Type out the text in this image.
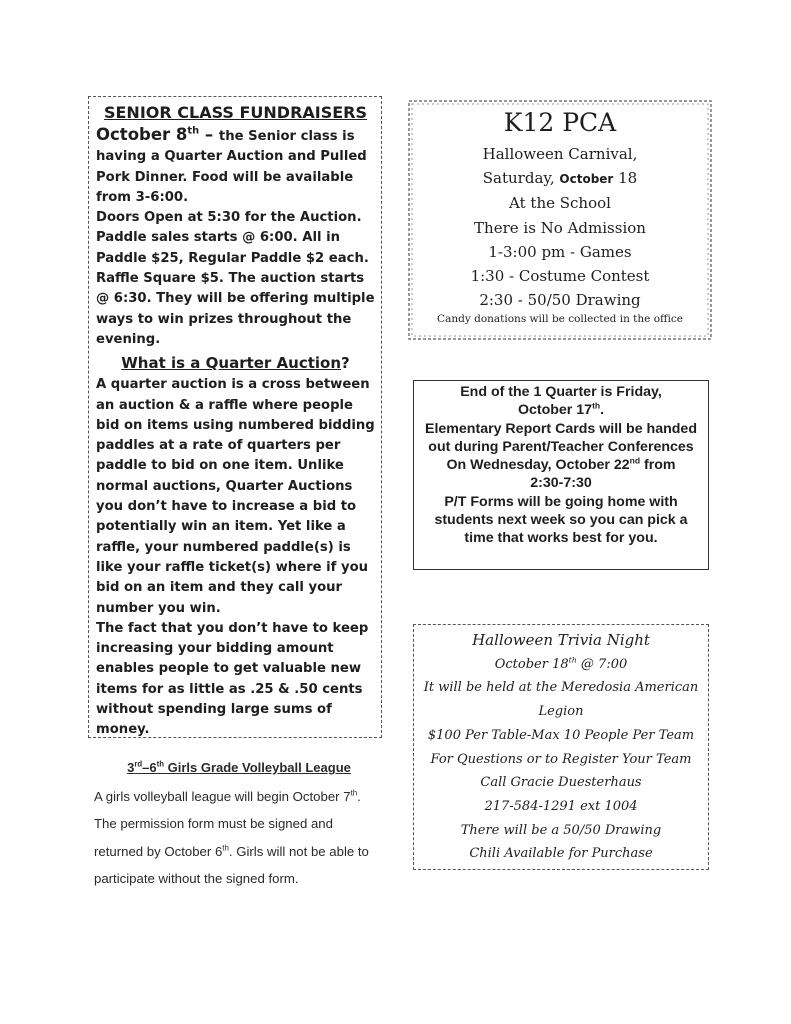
SENIOR CLASS FUNDRAISERS
October 8th – the Senior class is having a Quarter Auction and Pulled Pork Dinner. Food will be available from 3-6:00.
Doors Open at 5:30 for the Auction. Paddle sales starts @ 6:00. All in Paddle $25, Regular Paddle $2 each. Raffle Square $5. The auction starts @ 6:30. They will be offering multiple ways to win prizes throughout the evening.
What is a Quarter Auction?
A quarter auction is a cross between an auction & a raffle where people bid on items using numbered bidding paddles at a rate of quarters per paddle to bid on one item. Unlike normal auctions, Quarter Auctions you don’t have to increase a bid to potentially win an item. Yet like a raffle, your numbered paddle(s) is like your raffle ticket(s) where if you bid on an item and they call your number you win.
The fact that you don’t have to keep increasing your bidding amount enables people to get valuable new items for as little as .25 & .50 cents without spending large sums of money.
K12 PCA
Halloween Carnival,
Saturday, October 18
At the School
There is No Admission
1-3:00 pm - Games
1:30 - Costume Contest
2:30 - 50/50 Drawing
Candy donations will be collected in the office
End of the 1 Quarter is Friday,
October 17th.
Elementary Report Cards will be handed out during Parent/Teacher Conferences
On Wednesday, October 22nd from
2:30-7:30
P/T Forms will be going home with students next week so you can pick a time that works best for you.
Halloween Trivia Night
October 18th @ 7:00
It will be held at the Meredosia American Legion
$100 Per Table-Max 10 People Per Team
For Questions or to Register Your Team
Call Gracie Duesterhaus
217-584-1291 ext 1004
There will be a 50/50 Drawing
Chili Available for Purchase
3rd–6th Girls Grade Volleyball League
A girls volleyball league will begin October 7th. The permission form must be signed and returned by October 6th. Girls will not be able to participate without the signed form.
